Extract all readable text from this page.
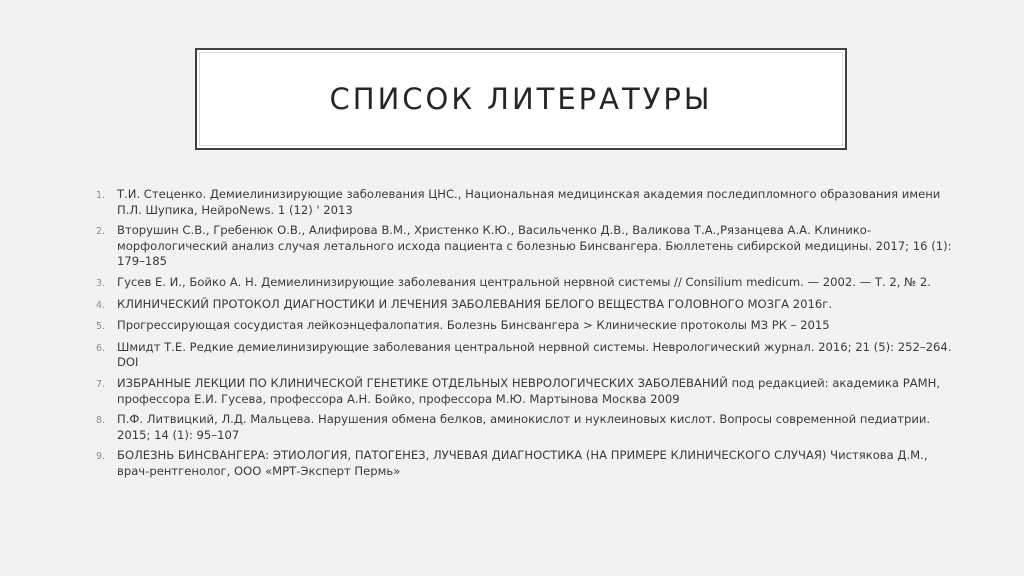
СПИСОК ЛИТЕРАТУРЫ
1.	Т.И. Стеценко. Демиелинизирующие заболевания ЦНС., Национальная медицинская академия последипломного образования имени П.Л. Шупика, НейроNews. 1 (12) ' 2013
2.	Вторушин С.В., Гребенюк О.В., Алифирова В.М., Христенко К.Ю., Васильченко Д.В., Валикова Т.А.,Рязанцева А.А. Клинико-морфологический анализ случая летального исхода пациента с болезнью Бинсвангера. Бюллетень сибирской медицины. 2017; 16 (1): 179–185
3.	Гусев Е. И., Бойко А. Н. Демиелинизирующие заболевания центральной нервной системы // Consilium medicum. — 2002. — Т. 2, № 2.
4.	КЛИНИЧЕСКИЙ ПРОТОКОЛ ДИАГНОСТИКИ И ЛЕЧЕНИЯ ЗАБОЛЕВАНИЯ БЕЛОГО ВЕЩЕСТВА ГОЛОВНОГО МОЗГА 2016г.
5.	Прогрессирующая сосудистая лейкоэнцефалопатия. Болезнь Бинсвангера > Клинические протоколы МЗ РК – 2015
6.	Шмидт Т.Е. Редкие демиелинизирующие заболевания центральной нервной системы. Неврологический журнал. 2016; 21 (5): 252–264. DOI
7.	ИЗБРАННЫЕ ЛЕКЦИИ ПО КЛИНИЧЕСКОЙ ГЕНЕТИКЕ ОТДЕЛЬНЫХ НЕВРОЛОГИЧЕСКИХ ЗАБОЛЕВАНИЙ под редакцией: академика РАМН, профессора Е.И. Гусева, профессора А.Н. Бойко, профессора М.Ю. Мартынова Москва 2009
8.	П.Ф. Литвицкий, Л.Д. Мальцева. Нарушения обмена белков, аминокислот и нуклеиновых кислот. Вопросы современной педиатрии. 2015; 14 (1): 95–107
9.	БОЛЕЗНЬ БИНСВАНГЕРА: ЭТИОЛОГИЯ, ПАТОГЕНЕЗ, ЛУЧЕВАЯ ДИАГНОСТИКА (НА ПРИМЕРЕ КЛИНИЧЕСКОГО СЛУЧАЯ) Чистякова Д.М., врач-рентгенолог, ООО «МРТ-Эксперт Пермь»
